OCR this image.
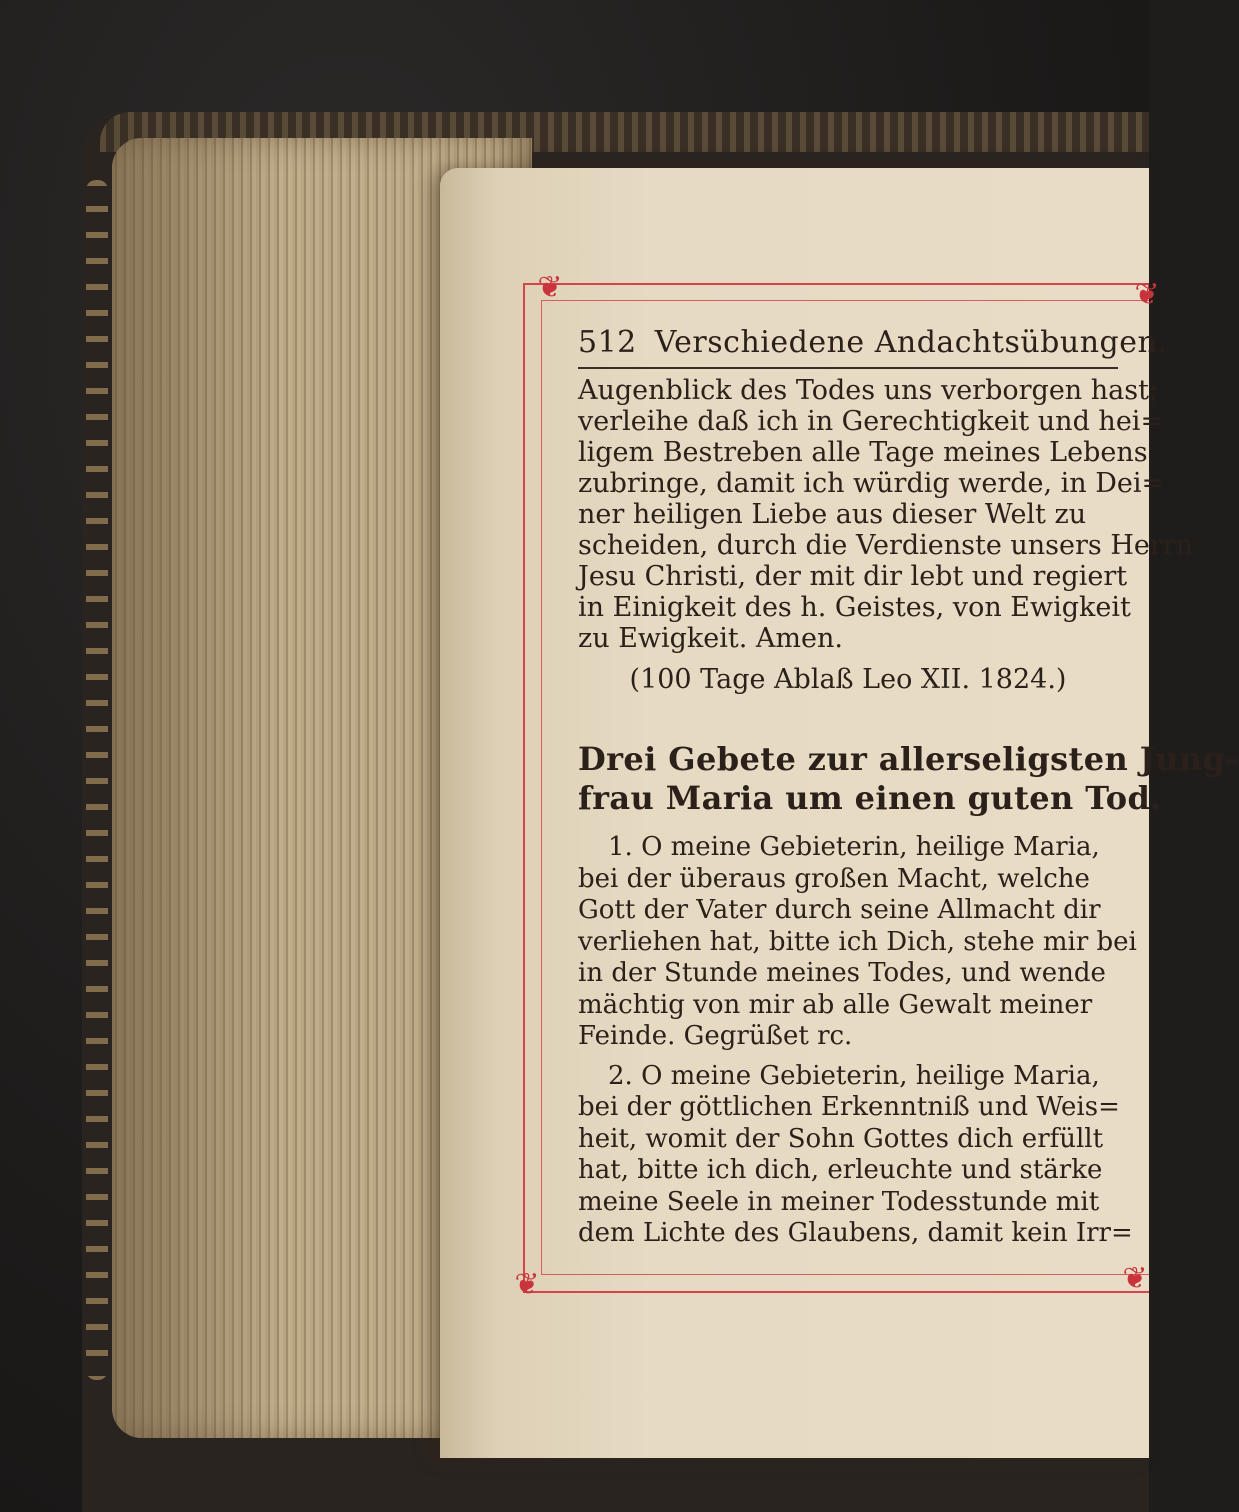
❦
❦	❦
❦
512 Verschiedene Andachtsübungen.
Augenblick des Todes uns verborgen hast;
verleihe daß ich in Gerechtigkeit und hei=
ligem Bestreben alle Tage meines Lebens
zubringe, damit ich würdig werde, in Dei=
ner heiligen Liebe aus dieser Welt zu
scheiden, durch die Verdienste unsers Herrn
Jesu Christi, der mit dir lebt und regiert
in Einigkeit des h. Geistes, von Ewigkeit
zu Ewigkeit. Amen.
(100 Tage Ablaß Leo XII. 1824.)
Drei Gebete zur allerseligsten Jung-
frau Maria um einen guten Tod.
1. O meine Gebieterin, heilige Maria,
bei der überaus großen Macht, welche
Gott der Vater durch seine Allmacht dir
verliehen hat, bitte ich Dich, stehe mir bei
in der Stunde meines Todes, und wende
mächtig von mir ab alle Gewalt meiner
Feinde. Gegrüßet rc.
2. O meine Gebieterin, heilige Maria,
bei der göttlichen Erkenntniß und Weis=
heit, womit der Sohn Gottes dich erfüllt
hat, bitte ich dich, erleuchte und stärke
meine Seele in meiner Todesstunde mit
dem Lichte des Glaubens, damit kein Irr=
